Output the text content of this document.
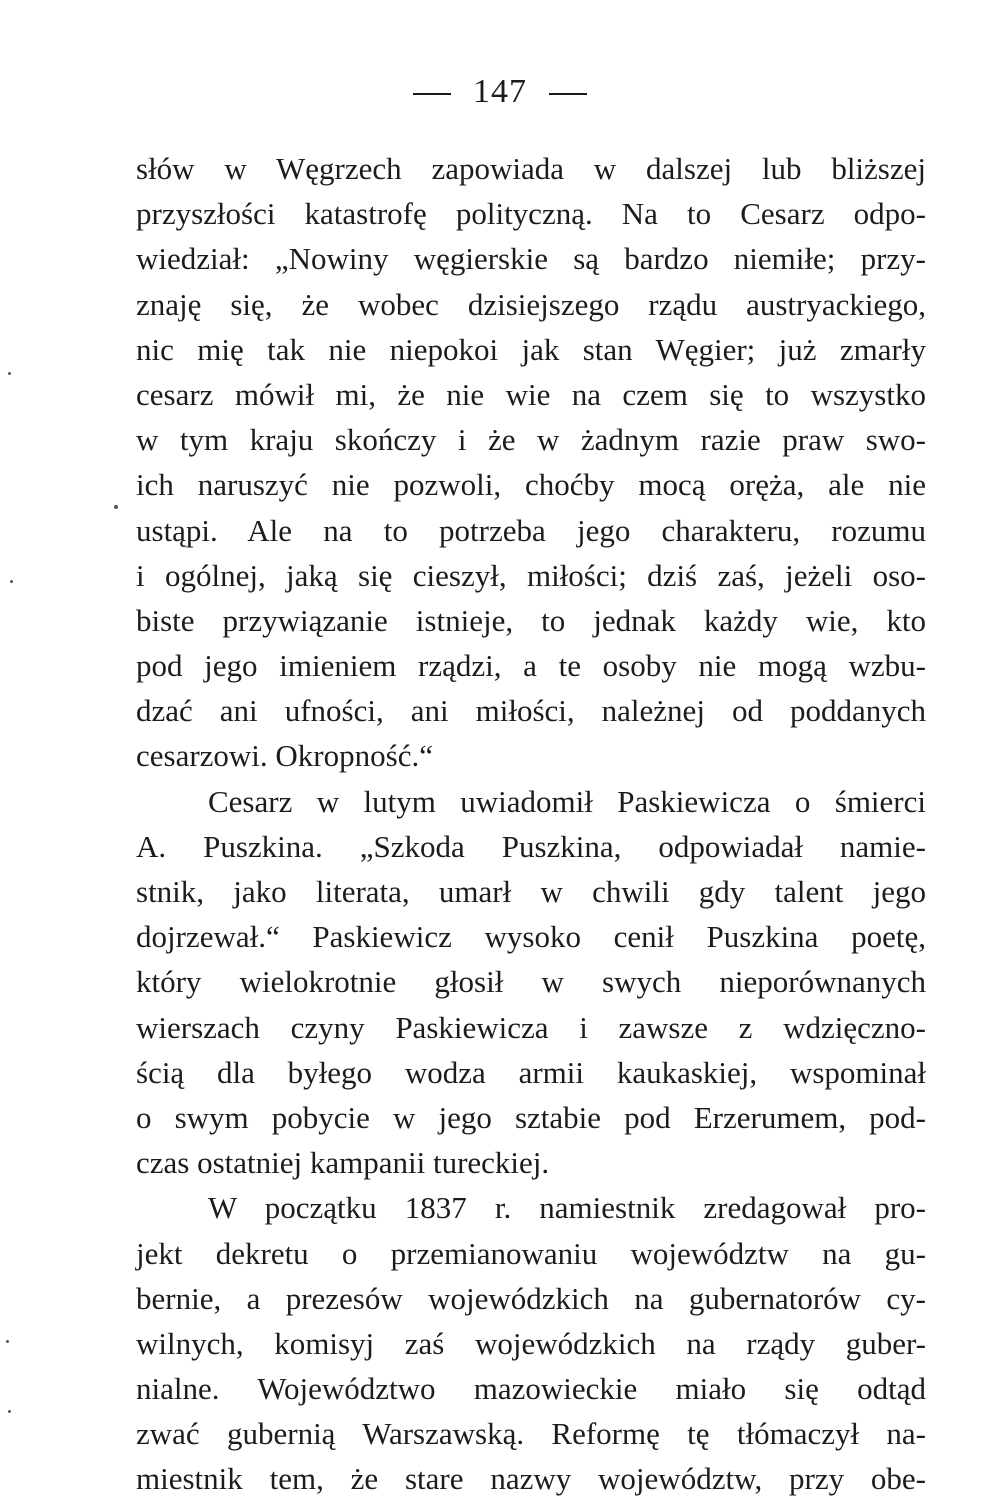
147
słów w Węgrzech zapowiada w dalszej lub bliższej
przyszłości katastrofę polityczną. Na to Cesarz odpo-
wiedział: „Nowiny węgierskie są bardzo niemiłe; przy-
znaję się, że wobec dzisiejszego rządu austryackiego,
nic mię tak nie niepokoi jak stan Węgier; już zmarły
cesarz mówił mi, że nie wie na czem się to wszystko
w tym kraju skończy i że w żadnym razie praw swo-
ich naruszyć nie pozwoli, choćby mocą oręża, ale nie
ustąpi. Ale na to potrzeba jego charakteru, rozumu
i ogólnej, jaką się cieszył, miłości; dziś zaś, jeżeli oso-
biste przywiązanie istnieje, to jednak każdy wie, kto
pod jego imieniem rządzi, a te osoby nie mogą wzbu-
dzać ani ufności, ani miłości, należnej od poddanych
cesarzowi. Okropność.“
Cesarz w lutym uwiadomił Paskiewicza o śmierci
A. Puszkina. „Szkoda Puszkina, odpowiadał namie-
stnik, jako literata, umarł w chwili gdy talent jego
dojrzewał.“ Paskiewicz wysoko cenił Puszkina poetę,
który wielokrotnie głosił w swych nieporównanych
wierszach czyny Paskiewicza i zawsze z wdzięczno-
ścią dla byłego wodza armii kaukaskiej, wspominał
o swym pobycie w jego sztabie pod Erzerumem, pod-
czas ostatniej kampanii tureckiej.
W początku 1837 r. namiestnik zredagował pro-
jekt dekretu o przemianowaniu województw na gu-
bernie, a prezesów wojewódzkich na gubernatorów cy-
wilnych, komisyj zaś wojewódzkich na rządy guber-
nialne. Województwo mazowieckie miało się odtąd
zwać gubernią Warszawską. Reformę tę tłómaczył na-
miestnik tem, że stare nazwy województw, przy obe-
